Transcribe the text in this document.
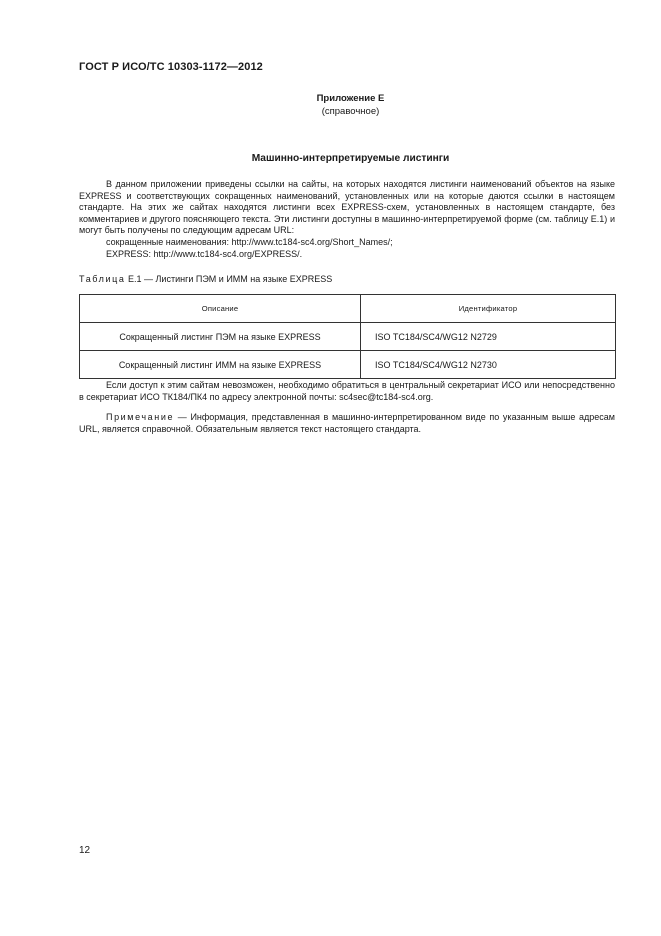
ГОСТ Р ИСО/ТС 10303-1172—2012
Приложение Е
(справочное)
Машинно-интерпретируемые листинги

В данном приложении приведены ссылки на сайты, на которых находятся листинги наименований объектов на языке EXPRESS и соответствующих сокращенных наименований, установленных или на которые даются ссылки в настоящем стандарте. На этих же сайтах находятся листинги всех EXPRESS-схем, установленных в настоящем стандарте, без комментариев и другого поясняющего текста. Эти листинги доступны в машинно-интерпретируемой форме (см. таблицу Е.1) и могут быть получены по следующим адресам URL:

сокращенные наименования: http://www.tc184-sc4.org/Short_Names/;

EXPRESS: http://www.tc184-sc4.org/EXPRESS/.

Таблица Е.1 — Листинги ПЭМ и ИММ на языке EXPRESS
Описание	Идентификатор
Сокращенный листинг ПЭМ на языке EXPRESS	ISO TC184/SC4/WG12 N2729
Сокращенный листинг ИММ на языке EXPRESS	ISO TC184/SC4/WG12 N2730

Если доступ к этим сайтам невозможен, необходимо обратиться в центральный секретариат ИСО или непосредственно в секретариат ИСО ТК184/ПК4 по адресу электронной почты: sc4sec@tc184-sc4.org.

Примечание — Информация, представленная в машинно-интерпретированном виде по указанным выше адресам URL, является справочной. Обязательным является текст настоящего стандарта.

12
